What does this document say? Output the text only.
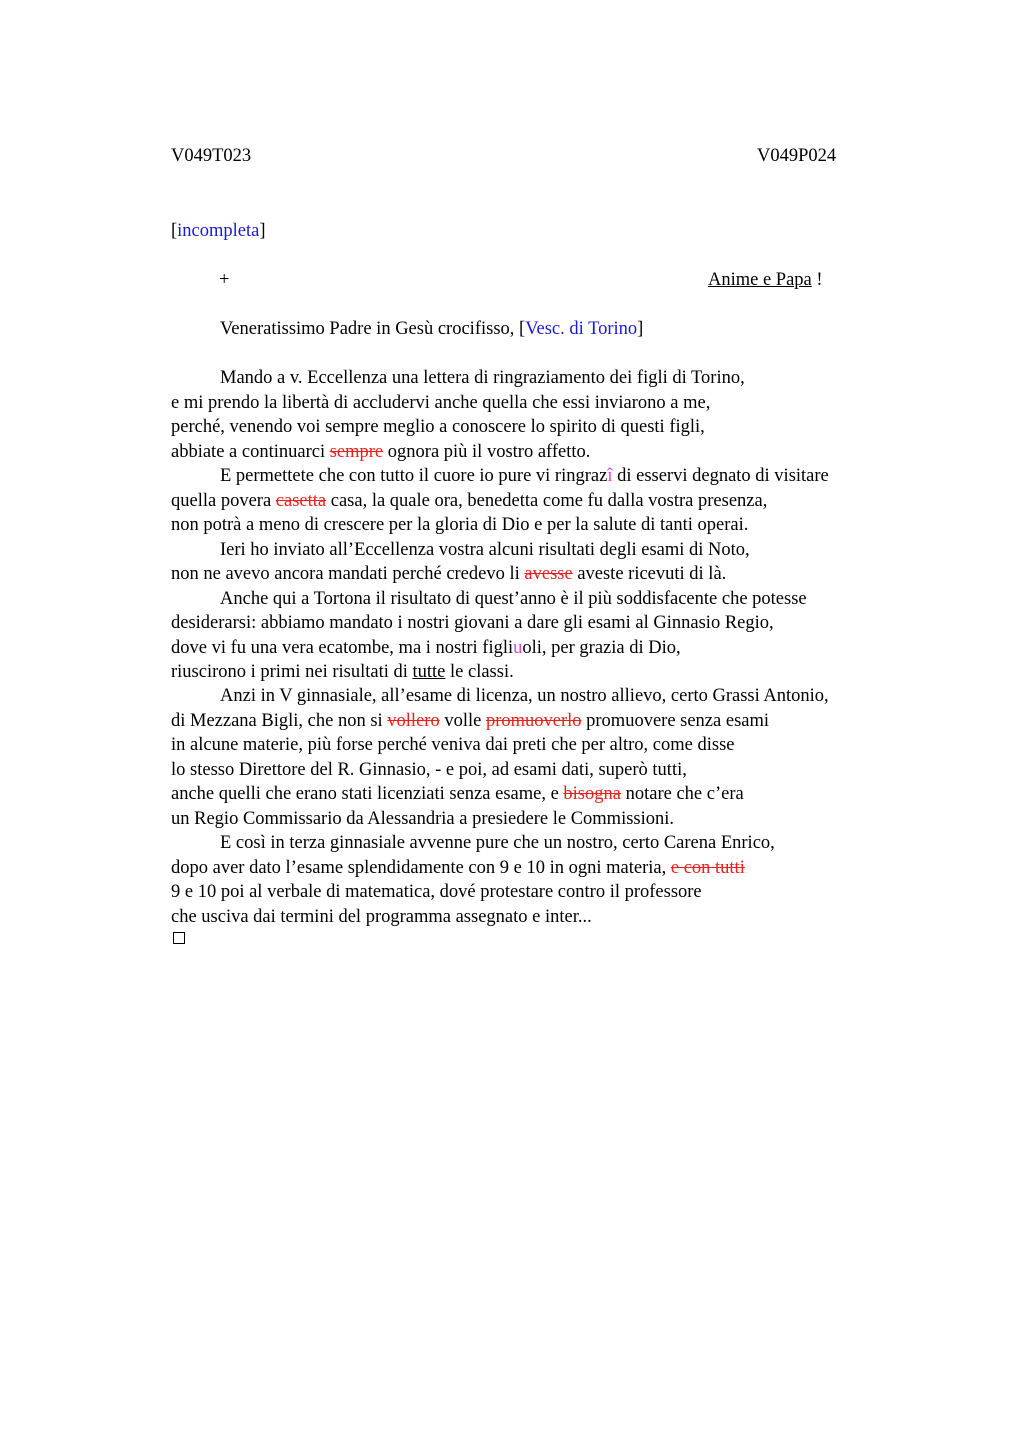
V049T023	V049P024
[incompleta]
+	Anime e Papa !
Veneratissimo Padre in Gesù crocifisso, [Vesc. di Torino]
Mando a v. Eccellenza una lettera di ringraziamento dei figli di Torino,
e mi prendo la libertà di accludervi anche quella che essi inviarono a me,
perché, venendo voi sempre meglio a conoscere lo spirito di questi figli,
abbiate a continuarci sempre ognora più il vostro affetto.
E permettete che con tutto il cuore io pure vi ringrazî di esservi degnato di visitare
quella povera casetta casa, la quale ora, benedetta come fu dalla vostra presenza,
non potrà a meno di crescere per la gloria di Dio e per la salute di tanti operai.
Ieri ho inviato all’Eccellenza vostra alcuni risultati degli esami di Noto,
non ne avevo ancora mandati perché credevo li avesse aveste ricevuti di là.
Anche qui a Tortona il risultato di quest’anno è il più soddisfacente che potesse
desiderarsi: abbiamo mandato i nostri giovani a dare gli esami al Ginnasio Regio,
dove vi fu una vera ecatombe, ma i nostri figliuoli, per grazia di Dio,
riuscirono i primi nei risultati di tutte le classi.
Anzi in V ginnasiale, all’esame di licenza, un nostro allievo, certo Grassi Antonio,
di Mezzana Bigli, che non si vollero volle promuoverlo promuovere senza esami
in alcune materie, più forse perché veniva dai preti che per altro, come disse
lo stesso Direttore del R. Ginnasio, - e poi, ad esami dati, superò tutti,
anche quelli che erano stati licenziati senza esame, e bisogna notare che c’era
un Regio Commissario da Alessandria a presiedere le Commissioni.
E così in terza ginnasiale avvenne pure che un nostro, certo Carena Enrico,
dopo aver dato l’esame splendidamente con 9 e 10 in ogni materia, e con tutti
9 e 10 poi al verbale di matematica, dové protestare contro il professore
che usciva dai termini del programma assegnato e inter...
